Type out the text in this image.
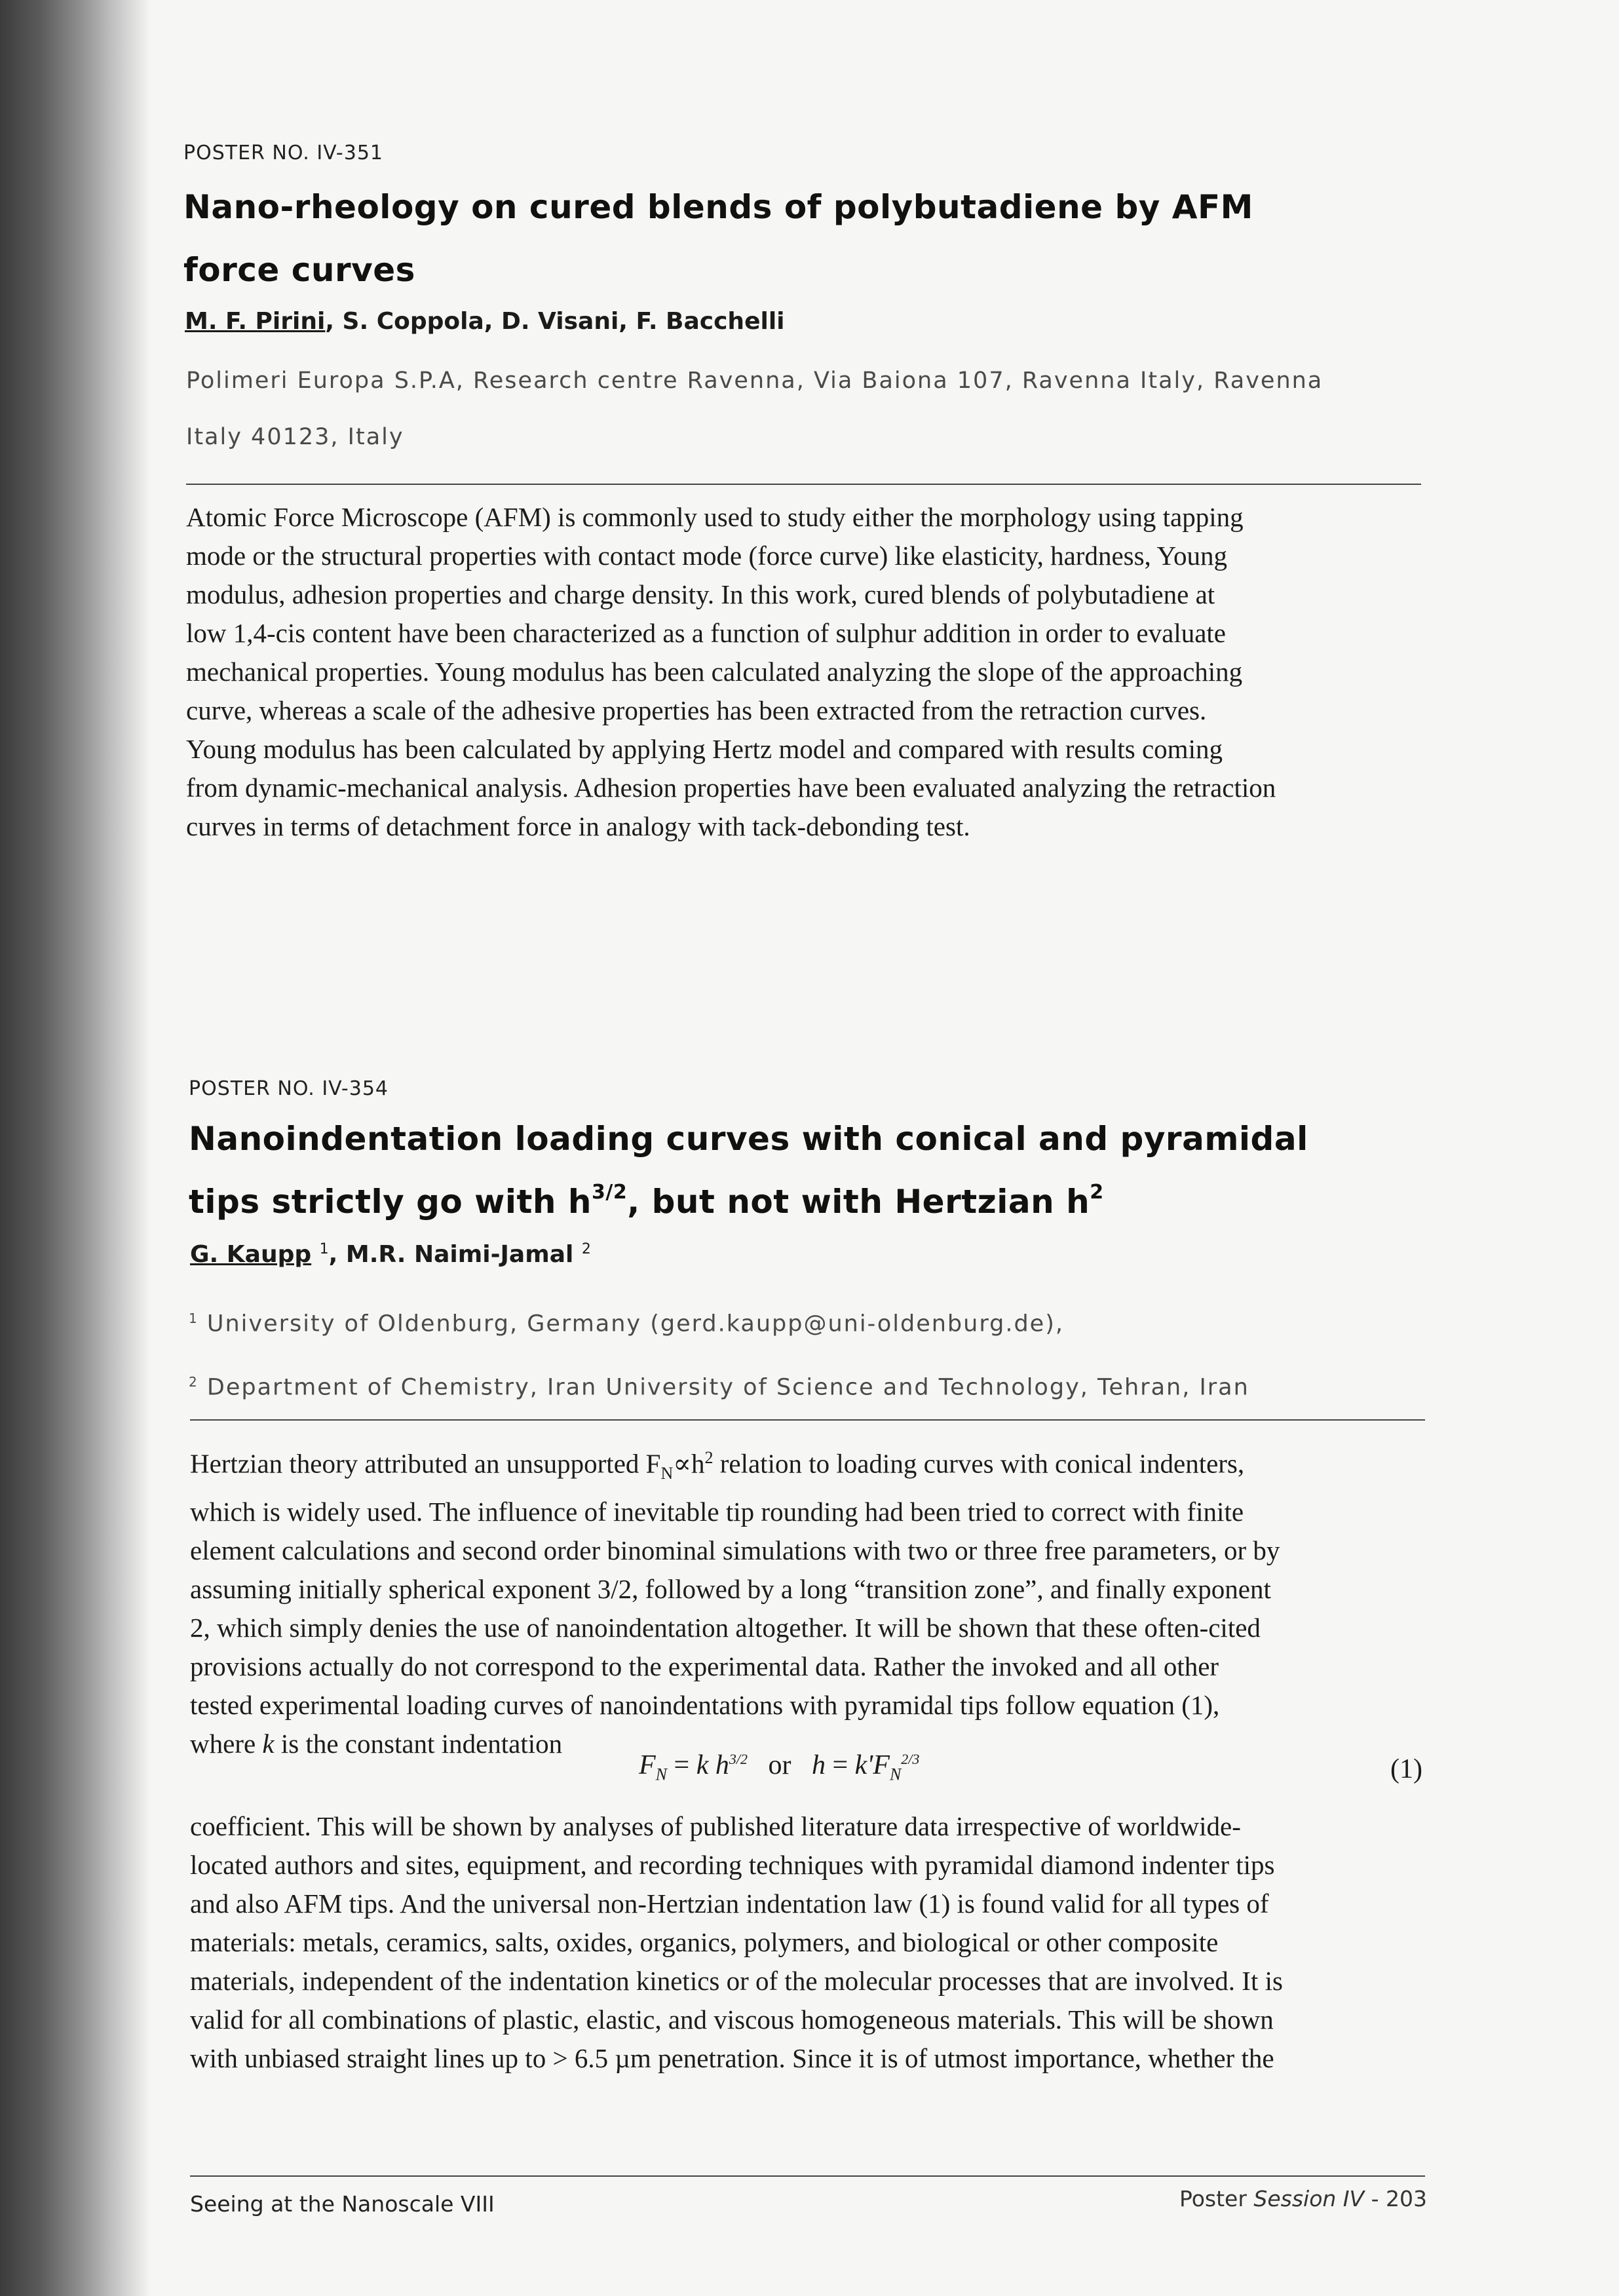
POSTER NO. IV-351
Nano-rheology on cured blends of polybutadiene by AFM
force curves
M. F. Pirini, S. Coppola, D. Visani, F. Bacchelli

Polimeri Europa S.P.A, Research centre Ravenna, Via Baiona 107, Ravenna Italy, Ravenna

Italy 40123, Italy

Atomic Force Microscope (AFM) is commonly used to study either the morphology using tapping
mode or the structural properties with contact mode (force curve) like elasticity, hardness, Young
modulus, adhesion properties and charge density. In this work, cured blends of polybutadiene at
low 1,4-cis content have been characterized as a function of sulphur addition in order to evaluate
mechanical properties. Young modulus has been calculated analyzing the slope of the approaching
curve, whereas a scale of the adhesive properties has been extracted from the retraction curves.
Young modulus has been calculated by applying Hertz model and compared with results coming
from dynamic-mechanical analysis. Adhesion properties have been evaluated analyzing the retraction
curves in terms of detachment force in analogy with tack-debonding test.
POSTER NO. IV-354
Nanoindentation loading curves with conical and pyramidal
tips strictly go with $h^{3/2}$, but not with Hertzian $h^2$
G. Kaupp $^1$, M.R. Naimi-Jamal $^2$

$^1$ University of Oldenburg, Germany (gerd.kaupp@uni-oldenburg.de),

$^2$ Department of Chemistry, Iran University of Science and Technology, Tehran, Iran

Hertzian theory attributed an unsupported $F_N\propto h^2$ relation to loading curves with conical indenters,
which is widely used. The influence of inevitable tip rounding had been tried to correct with finite
element calculations and second order binominal simulations with two or three free parameters, or by
assuming initially spherical exponent 3/2, followed by a long “transition zone”, and finally exponent
2, which simply denies the use of nanoindentation altogether. It will be shown that these often-cited
provisions actually do not correspond to the experimental data. Rather the invoked and all other
tested experimental loading curves of nanoindentations with pyramidal tips follow equation (1),
where k is the constant indentation
$F_N = k$ $h^{3/2}$ or $h = k'F_N^{2/3}$	(1)
coefficient. This will be shown by analyses of published literature data irrespective of worldwide-
located authors and sites, equipment, and recording techniques with pyramidal diamond indenter tips
and also AFM tips. And the universal non-Hertzian indentation law (1) is found valid for all types of
materials: metals, ceramics, salts, oxides, organics, polymers, and biological or other composite
materials, independent of the indentation kinetics or of the molecular processes that are involved. It is
valid for all combinations of plastic, elastic, and viscous homogeneous materials. This will be shown
with unbiased straight lines up to > 6.5 µm penetration. Since it is of utmost importance, whether the
Seeing at the Nanoscale VIII	Poster Session IV - 203
